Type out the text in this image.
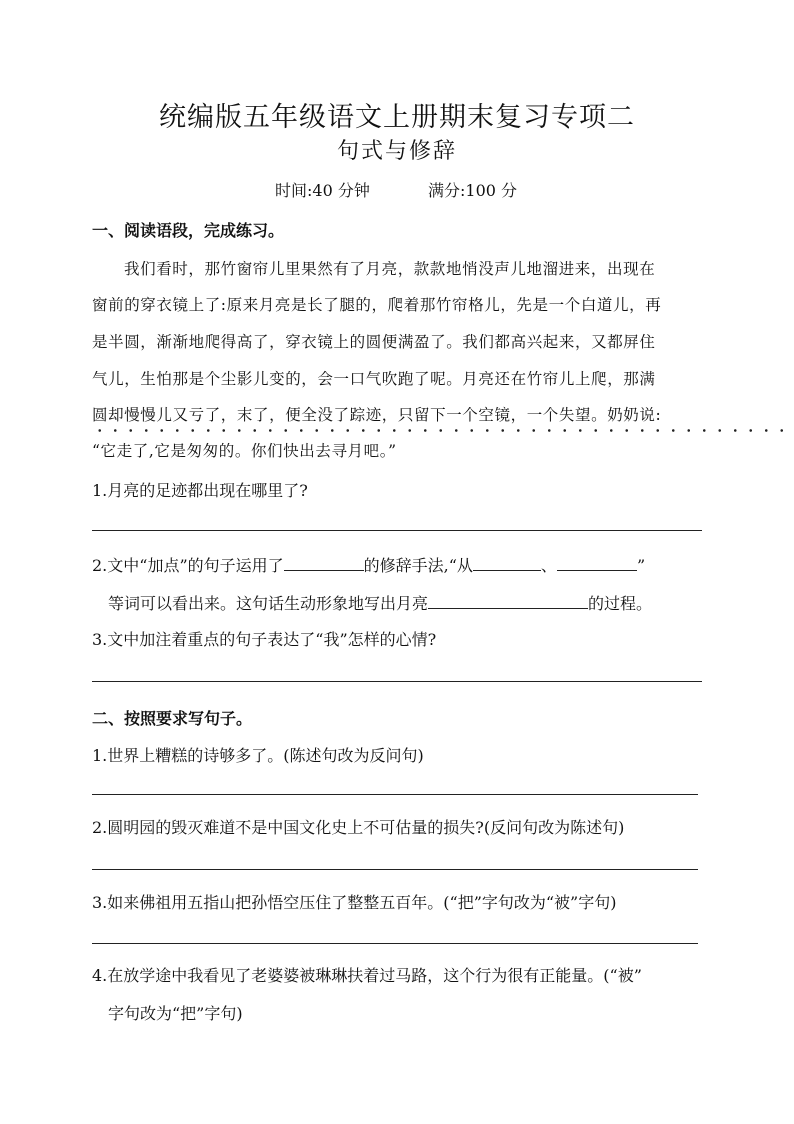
统编版五年级语文上册期末复习专项二
句式与修辞
时间:40 分钟	满分:100 分
一、阅读语段，完成练习。
我们看时，那竹窗帘儿里果然有了月亮，款款地悄没声儿地溜进来，出现在
窗前的穿衣镜上了:原来月亮是长了腿的，爬着那竹帘格儿，先是一个白道儿，再
是半圆，渐渐地爬得高了，穿衣镜上的圆便满盈了。我们都高兴起来，又都屏住
气儿，生怕那是个尘影儿变的，会一口气吹跑了呢。月亮还在竹帘儿上爬，那满
圆却慢慢儿又亏了，末了，便全没了踪迹，只留下一个空镜，一个失望。奶奶说:
“它走了,它是匆匆的。你们快出去寻月吧。”
1.月亮的足迹都出现在哪里了?
2.文中“加点”的句子运用了	的修辞手法,“从	、	”
等词可以看出来。这句话生动形象地写出月亮	的过程。
3.文中加注着重点的句子表达了“我”怎样的心情?
二、按照要求写句子。
1.世界上糟糕的诗够多了。(陈述句改为反问句)
2.圆明园的毁灭难道不是中国文化史上不可估量的损失?(反问句改为陈述句)
3.如来佛祖用五指山把孙悟空压住了整整五百年。(“把”字句改为“被”字句)
4.在放学途中我看见了老婆婆被琳琳扶着过马路，这个行为很有正能量。(“被”
字句改为“把”字句)
